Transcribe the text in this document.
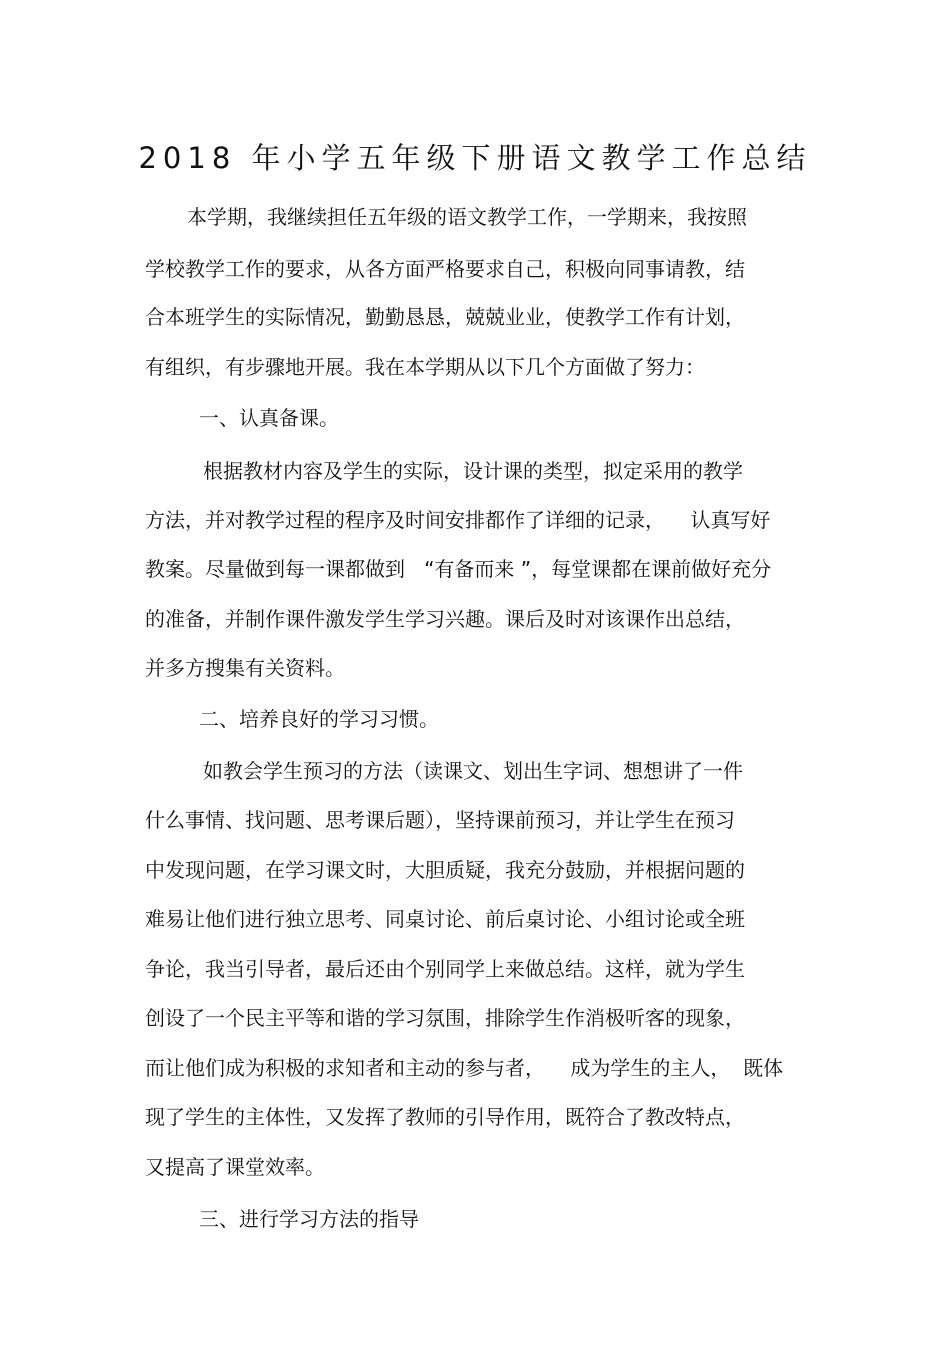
2018 年小学五年级下册语文教学工作总结
本学期，我继续担任五年级的语文教学工作，一学期来，我按照
学校教学工作的要求，从各方面严格要求自己，积极向同事请教，结
合本班学生的实际情况，勤勤恳恳，兢兢业业，使教学工作有计划，
有组织，有步骤地开展。我在本学期从以下几个方面做了努力：
一、认真备课。
根据教材内容及学生的实际，设计课的类型，拟定采用的教学
方法，并对教学过程的程序及时间安排都作了详细的记录，    认真写好
教案。尽量做到每一课都做到   “有备而来 ”，每堂课都在课前做好充分
的准备，并制作课件激发学生学习兴趣。课后及时对该课作出总结，
并多方搜集有关资料。
二、培养良好的学习习惯。
如教会学生预习的方法（读课文、划出生字词、想想讲了一件
什么事情、找问题、思考课后题），坚持课前预习，并让学生在预习
中发现问题，在学习课文时，大胆质疑，我充分鼓励，并根据问题的
难易让他们进行独立思考、同桌讨论、前后桌讨论、小组讨论或全班
争论，我当引导者，最后还由个别同学上来做总结。这样，就为学生
创设了一个民主平等和谐的学习氛围，排除学生作消极听客的现象，
而让他们成为积极的求知者和主动的参与者，    成为学生的主人，  既体
现了学生的主体性，又发挥了教师的引导作用，既符合了教改特点，
又提高了课堂效率。
三、进行学习方法的指导
